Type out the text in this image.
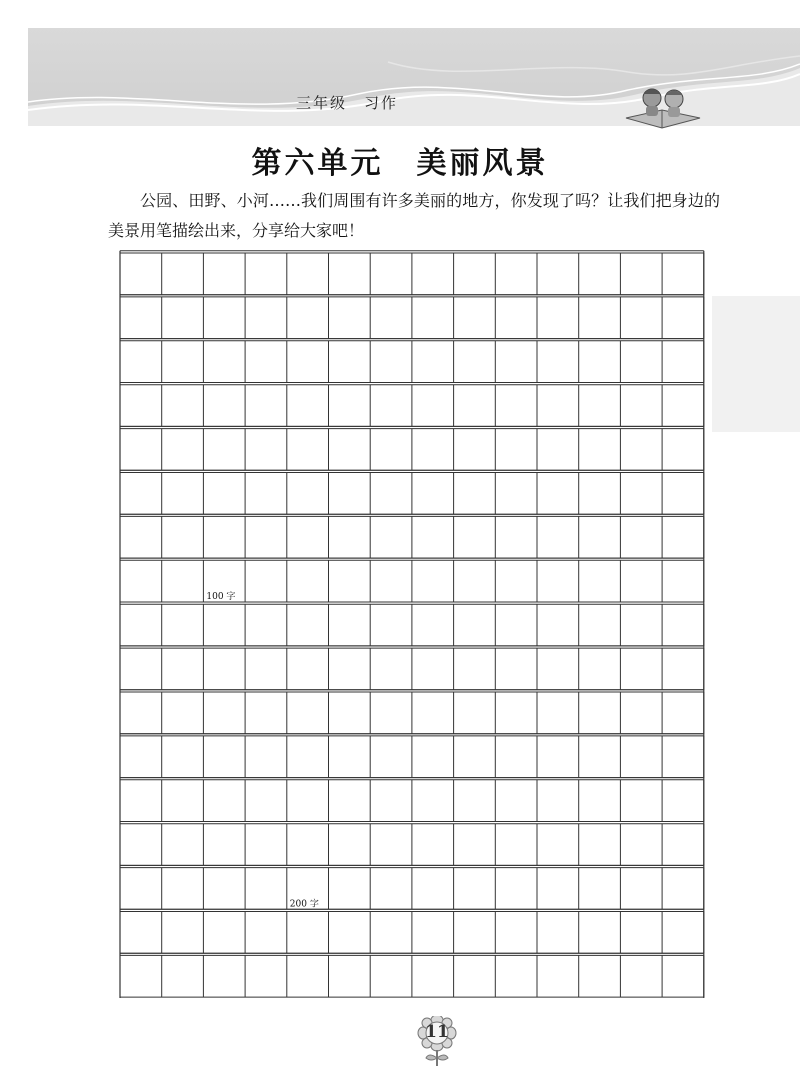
三年级　习作
第六单元　美丽风景
公园、田野、小河……我们周围有许多美丽的地方，你发现了吗？让我们把身边的美景用笔描绘出来，分享给大家吧！
100 字
200 字
11
